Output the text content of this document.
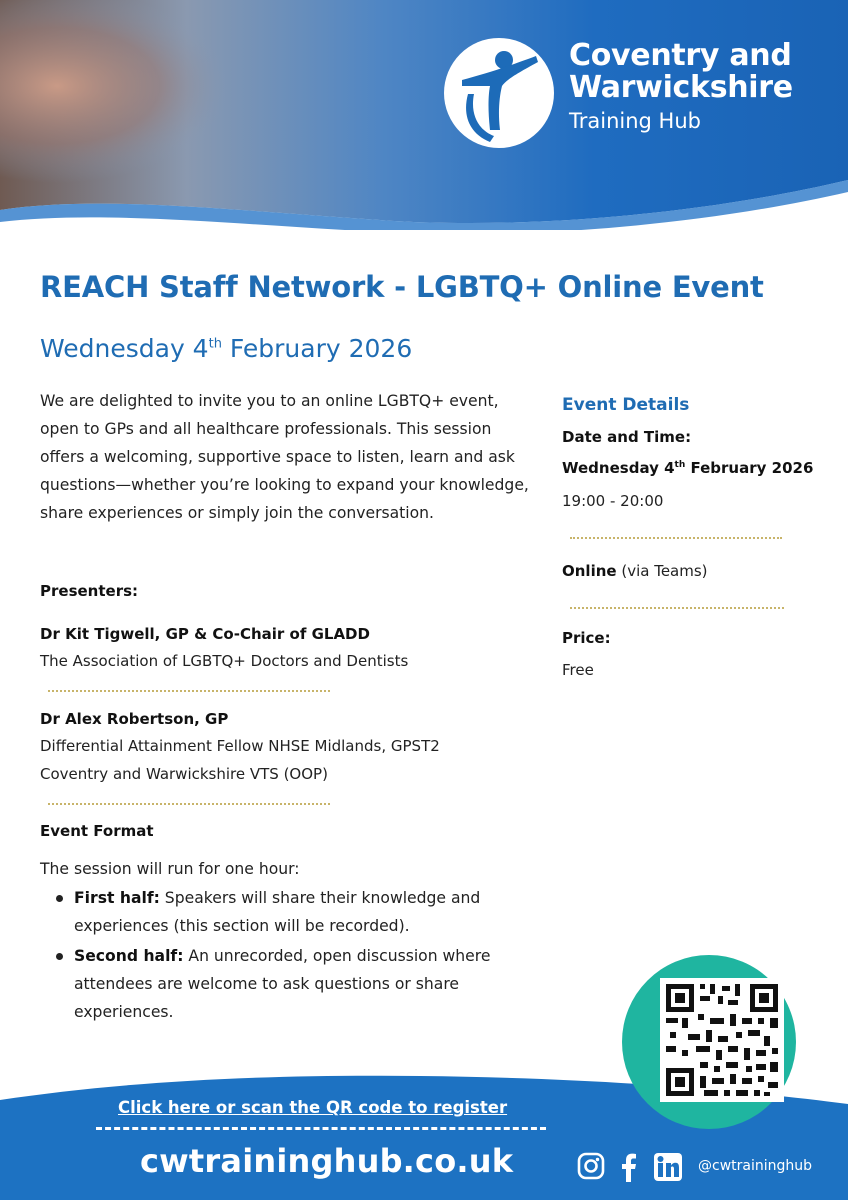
Coventry and
Warwickshire
Training Hub
REACH Staff Network - LGBTQ+ Online Event
Wednesday 4th February 2026
We are delighted to invite you to an online LGBTQ+ event, open to GPs and all healthcare professionals. This session offers a welcoming, supportive space to listen, learn and ask questions—whether you’re looking to expand your knowledge, share experiences or simply join the conversation.
Presenters:
Dr Kit Tigwell, GP & Co-Chair of GLADD
The Association of LGBTQ+ Doctors and Dentists
Dr Alex Robertson, GP
Differential Attainment Fellow NHSE Midlands, GPST2
Coventry and Warwickshire VTS (OOP)
Event Format
The session will run for one hour:
First half: Speakers will share their knowledge and experiences (this section will be recorded).
Second half: An unrecorded, open discussion where attendees are welcome to ask questions or share experiences.
Event Details
Date and Time:
Wednesday 4th February 2026
19:00 - 20:00
Online (via Teams)
Price:
Free
Click here or scan the QR code to register
cwtraininghub.co.uk	@cwtraininghub
